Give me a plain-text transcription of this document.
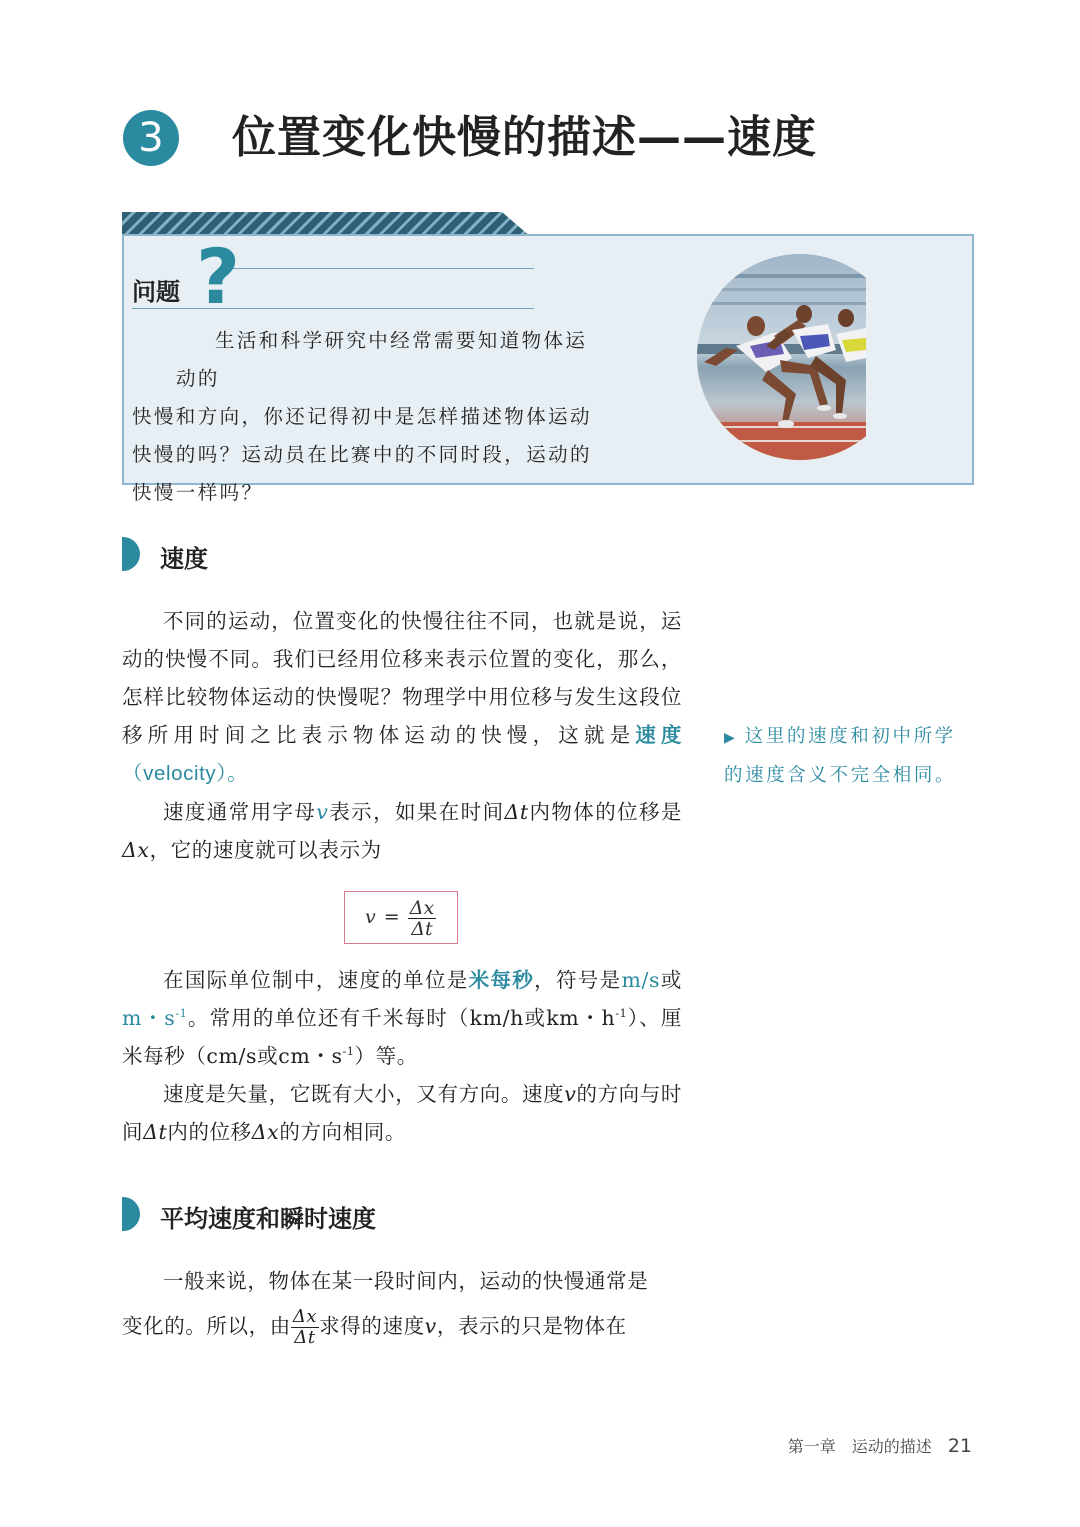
3	位置变化快慢的描述——速度
问题 ?

生活和科学研究中经常需要知道物体运动的

快慢和方向，你还记得初中是怎样描述物体运动

快慢的吗？运动员在比赛中的不同时段，运动的

快慢一样吗？

速度

不同的运动，位置变化的快慢往往不同，也就是说，运动的快慢不同。我们已经用位移来表示位置的变化，那么，怎样比较物体运动的快慢呢？物理学中用位移与发生这段位移所用时间之比表示物体运动的快慢，这就是速度（velocity）。

速度通常用字母v表示，如果在时间Δt内物体的位移是Δx，它的速度就可以表示为

$v = \frac{\Delta x}{\Delta t}$

在国际单位制中，速度的单位是米每秒，符号是m/s或m・$s^{-1}$。常用的单位还有千米每时（km/h或km・$h^{-1}$）、厘米每秒（cm/s或cm・$s^{-1}$）等。

速度是矢量，它既有大小，又有方向。速度v的方向与时间Δt内的位移Δx的方向相同。

▶ 这里的速度和初中所学

的速度含义不完全相同。

平均速度和瞬时速度

一般来说，物体在某一段时间内，运动的快慢通常是

变化的。所以，由 $\frac{\Delta x}{\Delta t}$ 求得的速度v，表示的只是物体在

第一章　运动的描述 21
